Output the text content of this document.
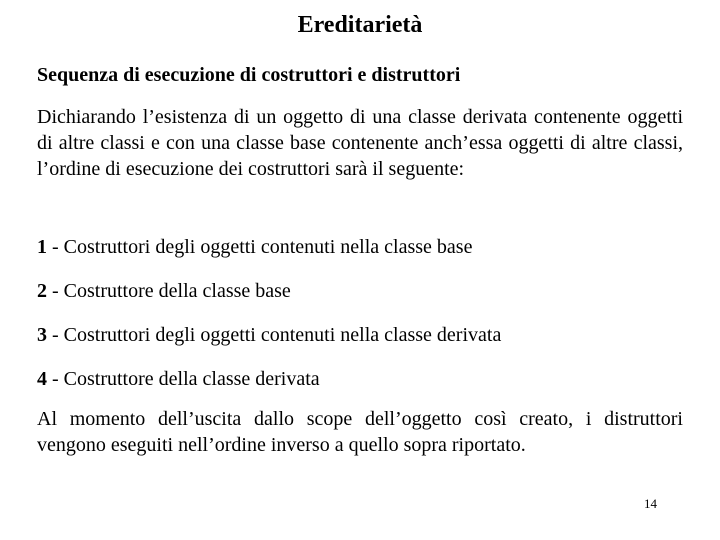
Ereditarietà
Sequenza di esecuzione di costruttori e distruttori
Dichiarando l’esistenza di un oggetto di una classe derivata contenente oggetti di altre classi e con una classe base contenente anch’essa oggetti di altre classi, l’ordine di esecuzione dei costruttori sarà il seguente:
1 - Costruttori degli oggetti contenuti nella classe base
2 - Costruttore della classe base
3 - Costruttori degli oggetti contenuti nella classe derivata
4 - Costruttore della classe derivata
Al momento dell’uscita dallo scope dell’oggetto così creato, i distruttori vengono eseguiti nell’ordine inverso a quello sopra riportato.
14
